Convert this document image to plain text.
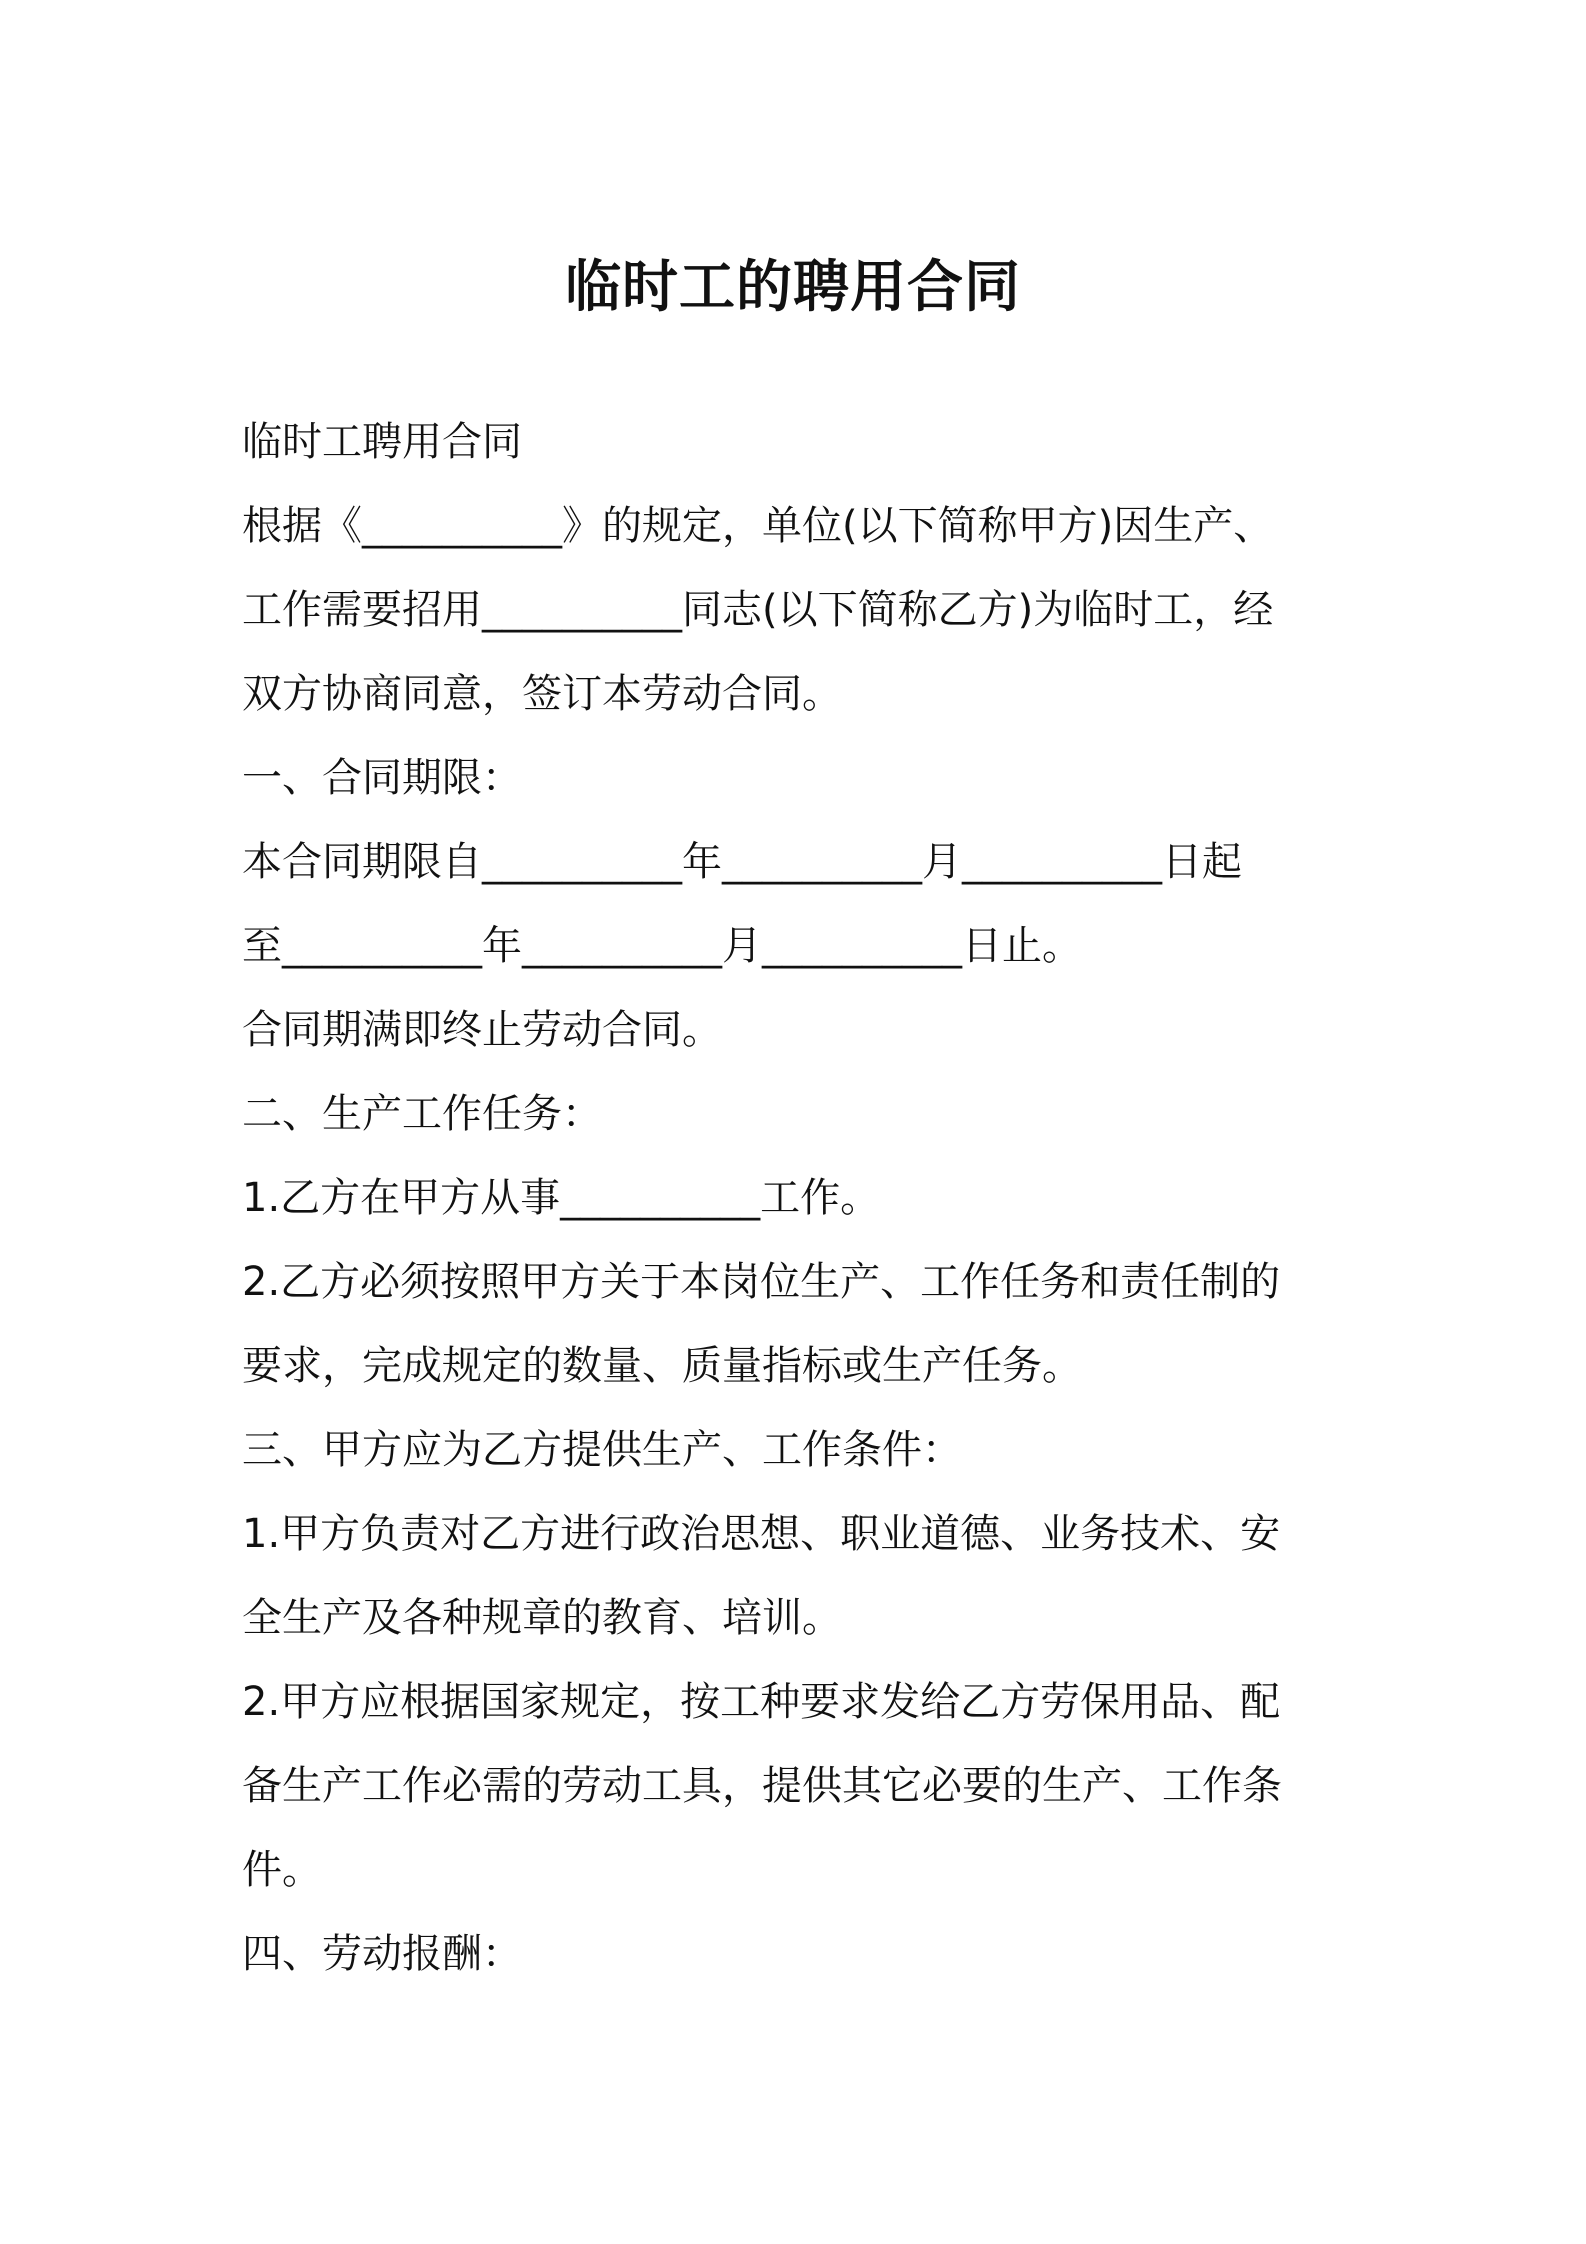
临时工的聘用合同
临时工聘用合同
根据《__________》的规定，单位(以下简称甲方)因生产、
工作需要招用__________同志(以下简称乙方)为临时工，经
双方协商同意，签订本劳动合同。
一、合同期限：
本合同期限自__________年__________月__________日起
至__________年__________月__________日止。
合同期满即终止劳动合同。
二、生产工作任务：
1.乙方在甲方从事__________工作。
2.乙方必须按照甲方关于本岗位生产、工作任务和责任制的
要求，完成规定的数量、质量指标或生产任务。
三、甲方应为乙方提供生产、工作条件：
1.甲方负责对乙方进行政治思想、职业道德、业务技术、安
全生产及各种规章的教育、培训。
2.甲方应根据国家规定，按工种要求发给乙方劳保用品、配
备生产工作必需的劳动工具，提供其它必要的生产、工作条
件。
四、劳动报酬：
